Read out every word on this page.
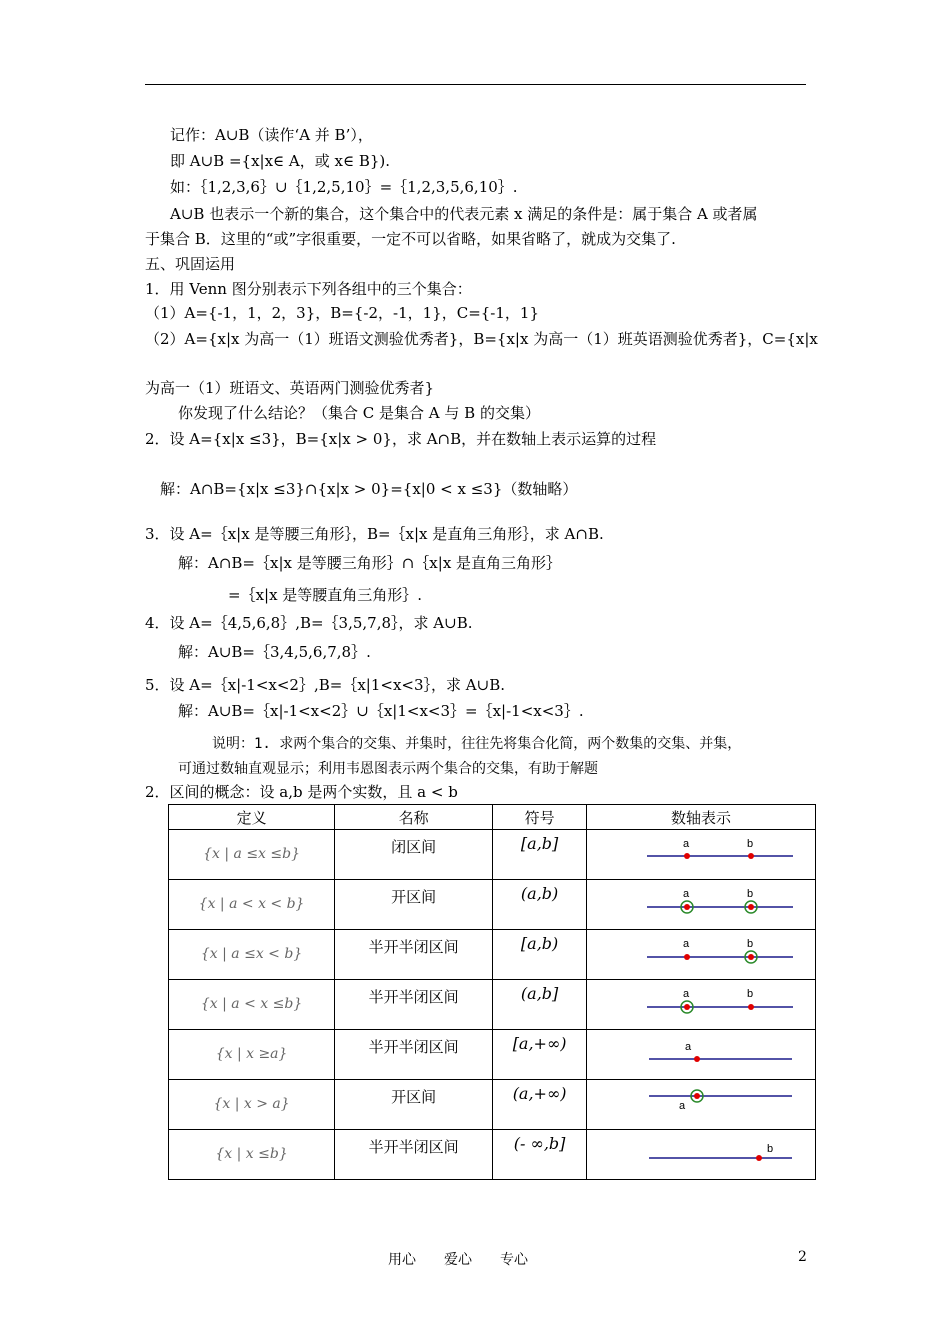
记作：A∪B（读作‘A 并 B’），
即 A∪B ={x|x∈ A，或 x∈ B}).
如：｛1,2,3,6｝∪｛1,2,5,10｝=｛1,2,3,5,6,10｝.
A∪B 也表示一个新的集合，这个集合中的代表元素 x 满足的条件是：属于集合 A 或者属
于集合 B．这里的“或”字很重要，一定不可以省略，如果省略了，就成为交集了.
五、巩固运用
1．用 Venn 图分别表示下列各组中的三个集合：
（1）A={-1，1，2，3}，B={-2，-1，1}，C={-1，1}
（2）A={x|x 为高一（1）班语文测验优秀者}，B={x|x 为高一（1）班英语测验优秀者}，C={x|x
为高一（1）班语文、英语两门测验优秀者}
你发现了什么结论？（集合 C 是集合 A 与 B 的交集）
2．设 A={x|x ≤3}，B={x|x > 0}，求 A∩B，并在数轴上表示运算的过程
解：A∩B={x|x ≤3}∩{x|x > 0}={x|0 < x ≤3}（数轴略）
3．设 A=｛x|x 是等腰三角形｝，B=｛x|x 是直角三角形｝，求 A∩B.
解：A∩B=｛x|x 是等腰三角形｝∩｛x|x 是直角三角形｝
=｛x|x 是等腰直角三角形｝.
4．设 A=｛4,5,6,8｝,B=｛3,5,7,8｝，求 A∪B.
解：A∪B=｛3,4,5,6,7,8｝.
5．设 A=｛x|-1<x<2｝,B=｛x|1<x<3｝，求 A∪B.
解：A∪B=｛x|-1<x<2｝∪｛x|1<x<3｝=｛x|-1<x<3｝.
说明：1. 求两个集合的交集、并集时，往往先将集合化简，两个数集的交集、并集，
可通过数轴直观显示；利用韦恩图表示两个集合的交集，有助于解题
2．区间的概念：设 a,b 是两个实数，且 a < b
定义	名称	符号	数轴表示

{x | a ≤x ≤b}	闭区间	[a,b]	a b

{x | a < x < b}	开区间	(a,b)	a b

{x | a ≤x < b}	半开半闭区间	[a,b)	a b

{x | a < x ≤b}	半开半闭区间	(a,b]	a b

{x | x ≥a}	半开半闭区间	[a,+∞)	a

{x | x > a}	开区间	(a,+∞)	a

{x | x ≤b}	半开半闭区间	(- ∞,b]	b
用心　　爱心　　专心	2
